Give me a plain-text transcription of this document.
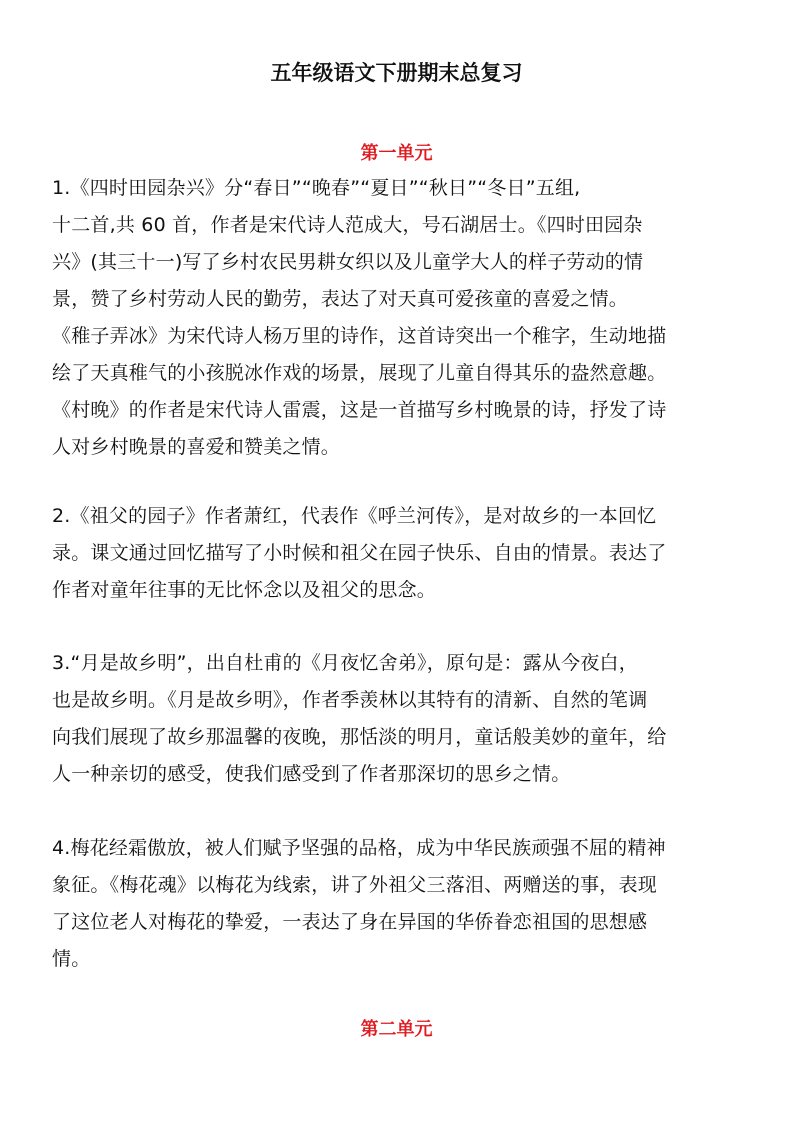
五年级语文下册期末总复习
第一单元
1.《四时田园杂兴》分“春日”“晚春”“夏日”“秋日”“冬日”五组,
十二首,共 60 首，作者是宋代诗人范成大，号石湖居士。《四时田园杂
兴》(其三十一)写了乡村农民男耕女织以及儿童学大人的样子劳动的情
景，赞了乡村劳动人民的勤劳，表达了对天真可爱孩童的喜爱之情。
《稚子弄冰》为宋代诗人杨万里的诗作，这首诗突出一个稚字，生动地描
绘了天真稚气的小孩脱冰作戏的场景，展现了儿童自得其乐的盎然意趣。
《村晚》的作者是宋代诗人雷震，这是一首描写乡村晚景的诗，抒发了诗
人对乡村晚景的喜爱和赞美之情。
2.《祖父的园子》作者萧红，代表作《呼兰河传》，是对故乡的一本回忆
录。课文通过回忆描写了小时候和祖父在园子快乐、自由的情景。表达了
作者对童年往事的无比怀念以及祖父的思念。
3.“月是故乡明”，出自杜甫的《月夜忆舍弟》，原句是：露从今夜白，
也是故乡明。《月是故乡明》，作者季羡林以其特有的清新、自然的笔调
向我们展现了故乡那温馨的夜晚，那恬淡的明月，童话般美妙的童年，给
人一种亲切的感受，使我们感受到了作者那深切的思乡之情。
4.梅花经霜傲放，被人们赋予坚强的品格，成为中华民族顽强不屈的精神
象征。《梅花魂》以梅花为线索，讲了外祖父三落泪、两赠送的事，表现
了这位老人对梅花的挚爱，一表达了身在异国的华侨眷恋祖国的思想感
情。
第二单元
